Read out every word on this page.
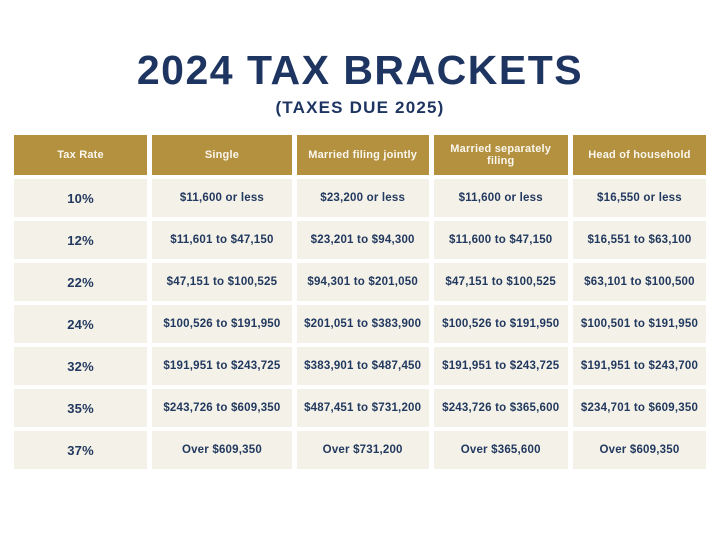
2024 TAX BRACKETS
(TAXES DUE 2025)
Tax Rate	Single	Married filing jointly	Married separately filing	Head of household
10%	$11,600 or less	$23,200 or less	$11,600 or less	$16,550 or less
12%	$11,601 to $47,150	$23,201 to $94,300	$11,600 to $47,150	$16,551 to $63,100
22%	$47,151 to $100,525	$94,301 to $201,050	$47,151 to $100,525	$63,101 to $100,500
24%	$100,526 to $191,950	$201,051 to $383,900	$100,526 to $191,950	$100,501 to $191,950
32%	$191,951 to $243,725	$383,901 to $487,450	$191,951 to $243,725	$191,951 to $243,700
35%	$243,726 to $609,350	$487,451 to $731,200	$243,726 to $365,600	$234,701 to $609,350
37%	Over $609,350	Over $731,200	Over $365,600	Over $609,350
